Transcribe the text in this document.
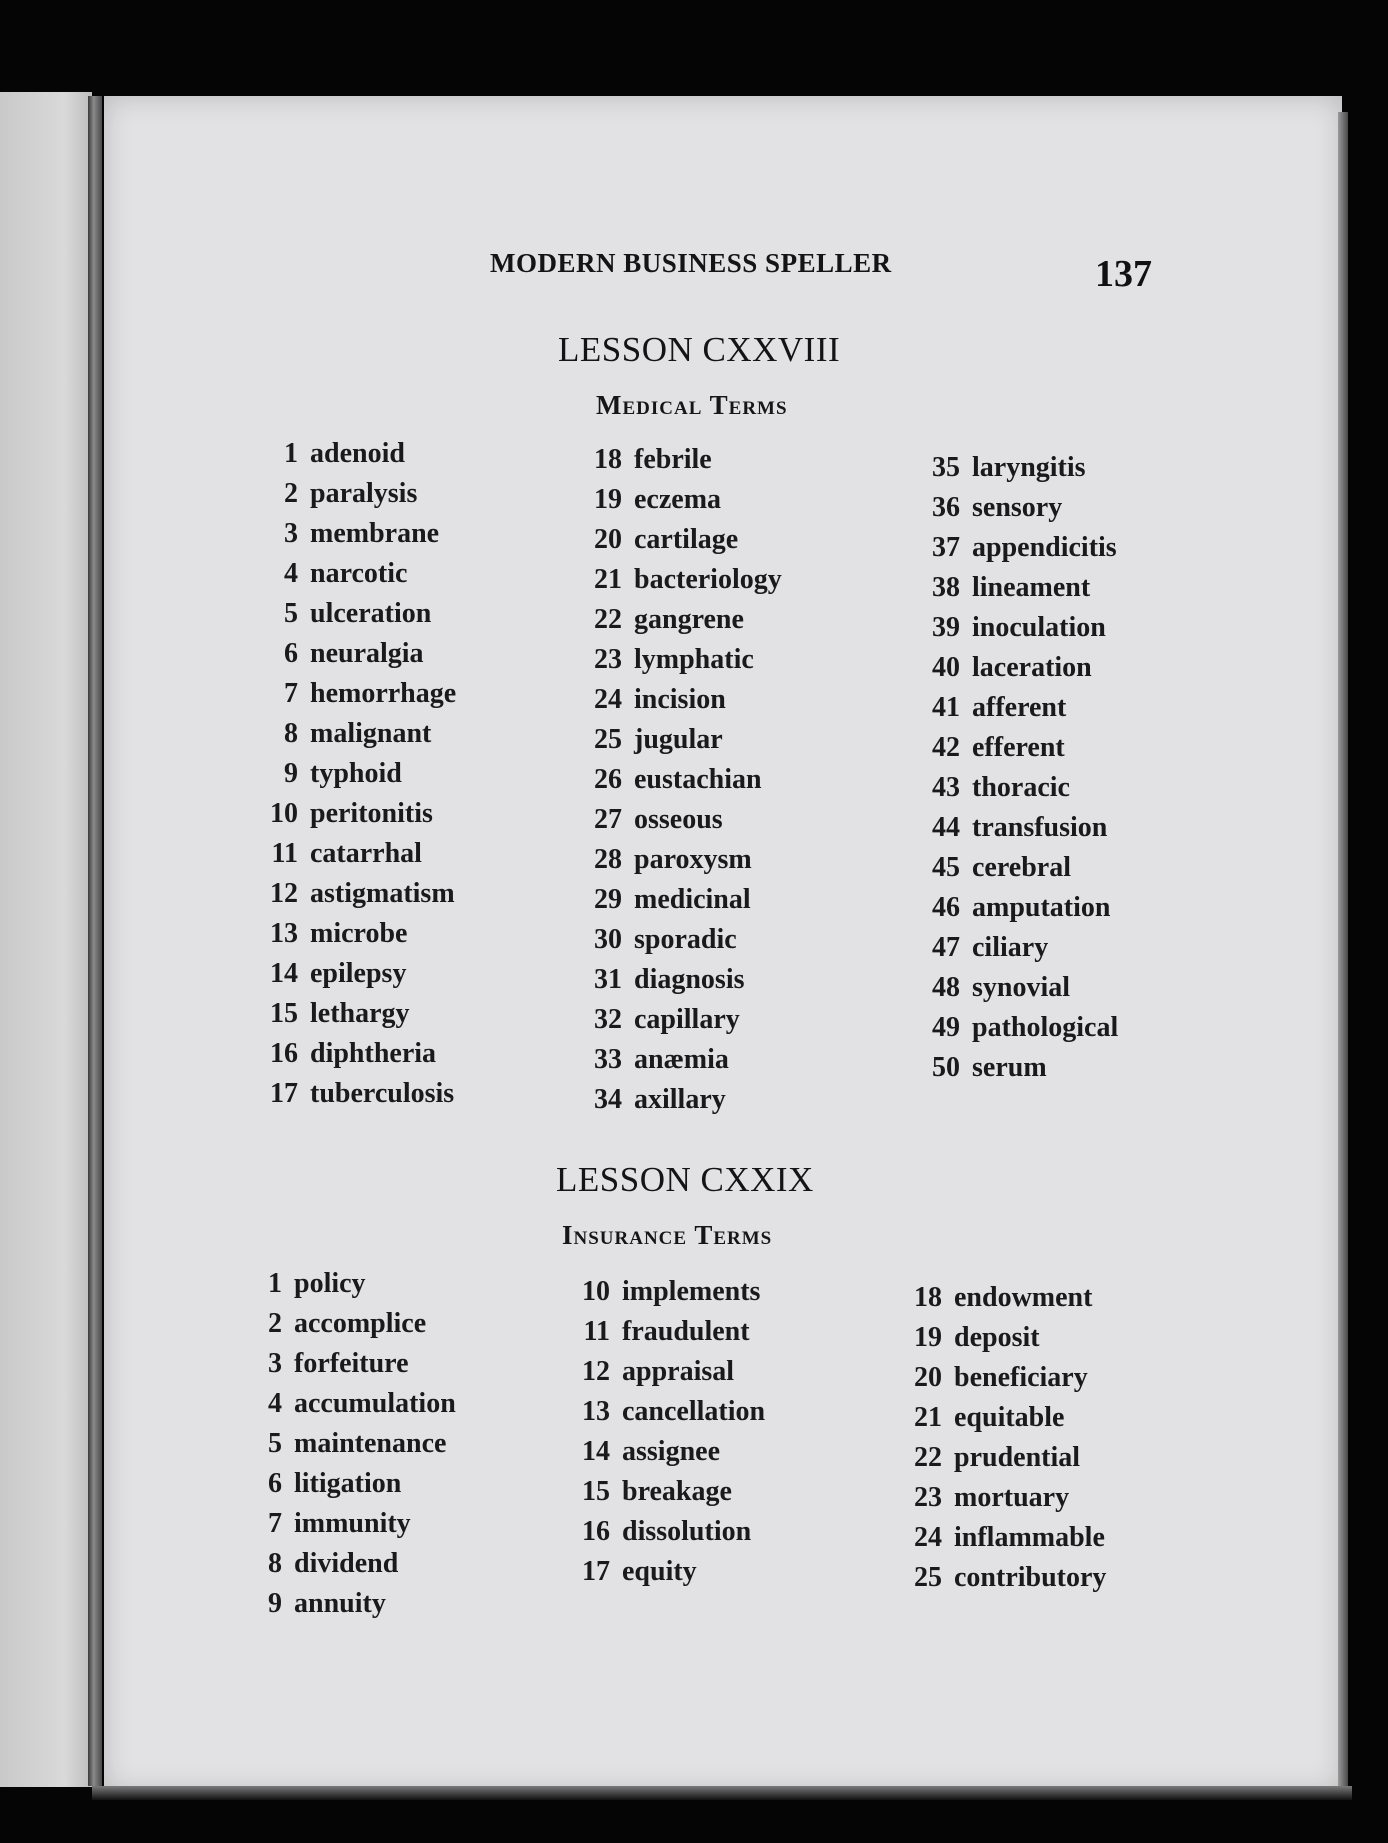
MODERN BUSINESS SPELLER	137
LESSON CXXVIII
Medical Terms
1 adenoid
2 paralysis
3 membrane
4 narcotic
5 ulceration
6 neuralgia
7 hemorrhage
8 malignant
9 typhoid
10 peritonitis
11 catarrhal
12 astigmatism
13 microbe
14 epilepsy
15 lethargy
16 diphtheria
17 tuberculosis
18 febrile
19 eczema
20 cartilage
21 bacteriology
22 gangrene
23 lymphatic
24 incision
25 jugular
26 eustachian
27 osseous
28 paroxysm
29 medicinal
30 sporadic
31 diagnosis
32 capillary
33 anæmia
34 axillary
35 laryngitis
36 sensory
37 appendicitis
38 lineament
39 inoculation
40 laceration
41 afferent
42 efferent
43 thoracic
44 transfusion
45 cerebral
46 amputation
47 ciliary
48 synovial
49 pathological
50 serum
LESSON CXXIX
Insurance Terms
1 policy
2 accomplice
3 forfeiture
4 accumulation
5 maintenance
6 litigation
7 immunity
8 dividend
9 annuity
10 implements
11 fraudulent
12 appraisal
13 cancellation
14 assignee
15 breakage
16 dissolution
17 equity
18 endowment
19 deposit
20 beneficiary
21 equitable
22 prudential
23 mortuary
24 inflammable
25 contributory
